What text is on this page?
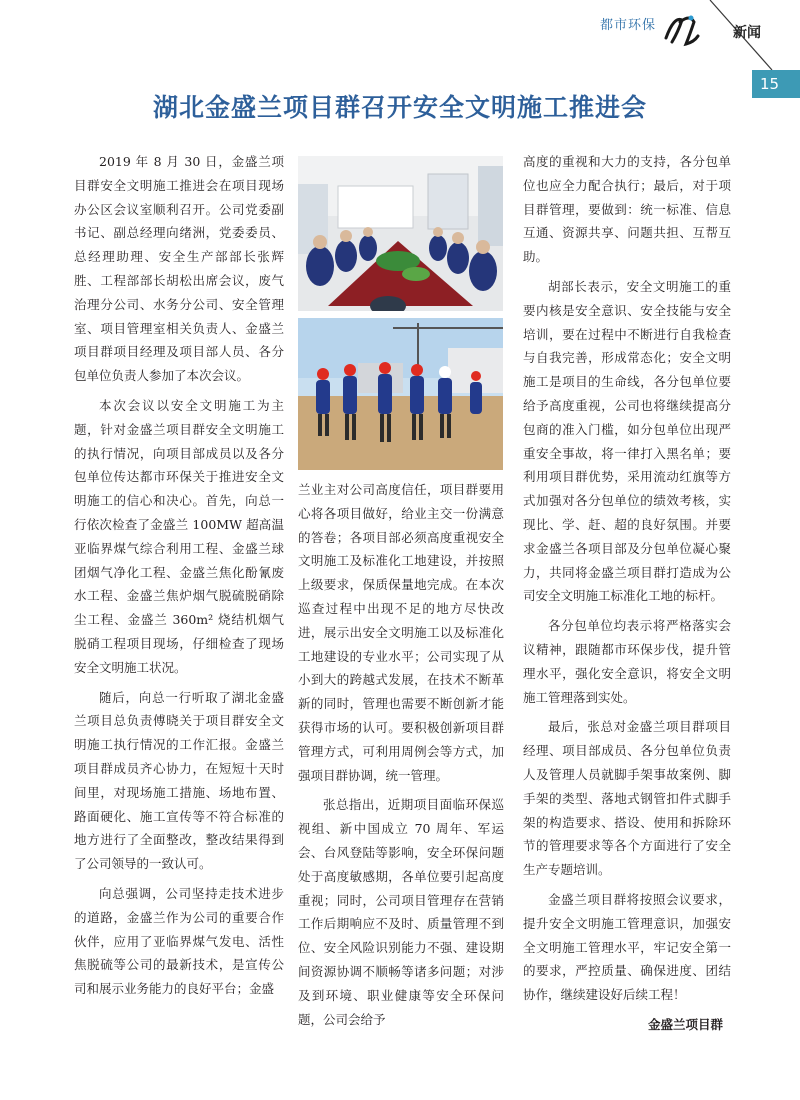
都市环保	新闻
15
湖北金盛兰项目群召开安全文明施工推进会

2019 年 8 月 30 日，金盛兰项目群安全文明施工推进会在项目现场办公区会议室顺利召开。公司党委副书记、副总经理向绪洲，党委委员、总经理助理、安全生产部部长张辉胜、工程部部长胡松出席会议，废气治理分公司、水务分公司、安全管理室、项目管理室相关负责人、金盛兰项目群项目经理及项目部人员、各分包单位负责人参加了本次会议。

本次会议以安全文明施工为主题，针对金盛兰项目群安全文明施工的执行情况，向项目部成员以及各分包单位传达都市环保关于推进安全文明施工的信心和决心。首先，向总一行依次检查了金盛兰 100MW 超高温亚临界煤气综合利用工程、金盛兰球团烟气净化工程、金盛兰焦化酚氰废水工程、金盛兰焦炉烟气脱硫脱硝除尘工程、金盛兰 360m² 烧结机烟气脱硝工程项目现场，仔细检查了现场安全文明施工状况。

随后，向总一行听取了湖北金盛兰项目总负责傅晓关于项目群安全文明施工执行情况的工作汇报。金盛兰项目群成员齐心协力，在短短十天时间里，对现场施工措施、场地布置、路面硬化、施工宣传等不符合标准的地方进行了全面整改，整改结果得到了公司领导的一致认可。

向总强调，公司坚持走技术进步的道路，金盛兰作为公司的重要合作伙伴，应用了亚临界煤气发电、活性焦脱硫等公司的最新技术，是宣传公司和展示业务能力的良好平台；金盛

兰业主对公司高度信任，项目群要用心将各项目做好，给业主交一份满意的答卷；各项目部必须高度重视安全文明施工及标准化工地建设，并按照上级要求，保质保量地完成。在本次巡查过程中出现不足的地方尽快改进，展示出安全文明施工以及标准化工地建设的专业水平；公司实现了从小到大的跨越式发展，在技术不断革新的同时，管理也需要不断创新才能获得市场的认可。要积极创新项目群管理方式，可利用周例会等方式，加强项目群协调，统一管理。

张总指出，近期项目面临环保巡视组、新中国成立 70 周年、军运会、台风登陆等影响，安全环保问题处于高度敏感期，各单位要引起高度重视；同时，公司项目管理存在营销工作后期响应不及时、质量管理不到位、安全风险识别能力不强、建设期间资源协调不顺畅等诸多问题；对涉及到环境、职业健康等安全环保问题，公司会给予

高度的重视和大力的支持，各分包单位也应全力配合执行；最后，对于项目群管理，要做到：统一标准、信息互通、资源共享、问题共担、互帮互助。

胡部长表示，安全文明施工的重要内核是安全意识、安全技能与安全培训，要在过程中不断进行自我检查与自我完善，形成常态化；安全文明施工是项目的生命线，各分包单位要给予高度重视，公司也将继续提高分包商的准入门槛，如分包单位出现严重安全事故，将一律打入黑名单；要利用项目群优势，采用流动红旗等方式加强对各分包单位的绩效考核，实现比、学、赶、超的良好氛围。并要求金盛兰各项目部及分包单位凝心聚力，共同将金盛兰项目群打造成为公司安全文明施工标准化工地的标杆。

各分包单位均表示将严格落实会议精神，跟随都市环保步伐，提升管理水平，强化安全意识，将安全文明施工管理落到实处。

最后，张总对金盛兰项目群项目经理、项目部成员、各分包单位负责人及管理人员就脚手架事故案例、脚手架的类型、落地式钢管扣件式脚手架的构造要求、搭设、使用和拆除环节的管理要求等各个方面进行了安全生产专题培训。

金盛兰项目群将按照会议要求，提升安全文明施工管理意识，加强安全文明施工管理水平，牢记安全第一的要求，严控质量、确保进度、团结协作，继续建设好后续工程！

金盛兰项目群
